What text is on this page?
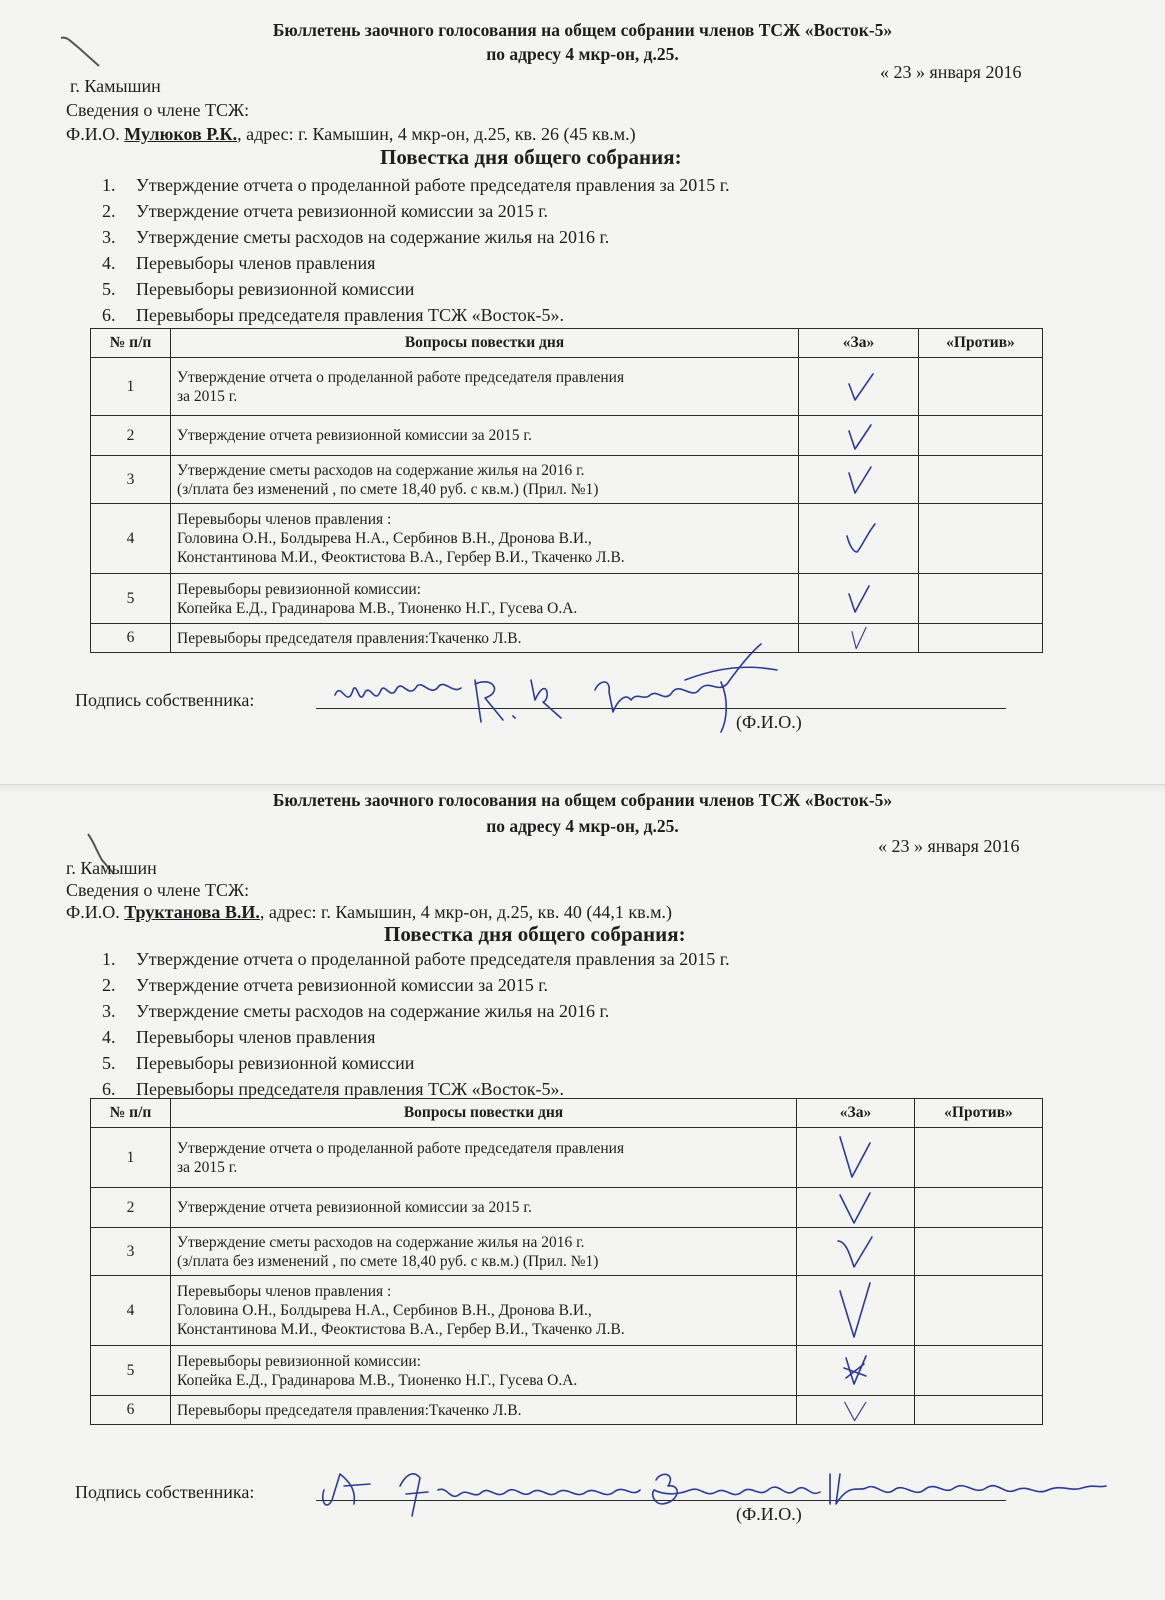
Бюллетень заочного голосования на общем собрании членов ТСЖ «Восток-5»
по адресу 4 мкр-он, д.25.
г. Камышин
« 23 » января 2016
Сведения о члене ТСЖ:
Ф.И.О. Мулюков Р.К., адрес: г. Камышин, 4 мкр-он, д.25, кв. 26 (45 кв.м.)
Повестка дня общего собрания:
1. Утверждение отчета о проделанной работе председателя правления за 2015 г.
2. Утверждение отчета ревизионной комиссии за 2015 г.
3. Утверждение сметы расходов на содержание жилья на 2016 г.
4. Перевыборы членов правления
5. Перевыборы ревизионной комиссии
6. Перевыборы председателя правления ТСЖ «Восток-5».
№ п/п	Вопросы повестки дня	«За»	«Против»
1	Утверждение отчета о проделанной работе председателя правления
за 2015 г.	

2	Утверждение отчета ревизионной комиссии за 2015 г.	

3	Утверждение сметы расходов на содержание жилья на 2016 г.
(з/плата без изменений , по смете 18,40 руб. с кв.м.) (Прил. №1)	

4	Перевыборы членов правления :
Головина О.Н., Болдырева Н.А., Сербинов В.Н., Дронова В.И.,
Константинова М.И., Феоктистова В.А., Гербер В.И., Ткаченко Л.В.	

5	Перевыборы ревизионной комиссии:
Копейка Е.Д., Градинарова М.В., Тионенко Н.Г., Гусева О.А.	

6	Перевыборы председателя правления:Ткаченко Л.В.	

Подпись собственника:
(Ф.И.О.)
Бюллетень заочного голосования на общем собрании членов ТСЖ «Восток-5»
по адресу 4 мкр-он, д.25.
г. Камышин
« 23 » января 2016
Сведения о члене ТСЖ:
Ф.И.О. Труктанова В.И., адрес: г. Камышин, 4 мкр-он, д.25, кв. 40 (44,1 кв.м.)
Повестка дня общего собрания:
1. Утверждение отчета о проделанной работе председателя правления за 2015 г.
2. Утверждение отчета ревизионной комиссии за 2015 г.
3. Утверждение сметы расходов на содержание жилья на 2016 г.
4. Перевыборы членов правления
5. Перевыборы ревизионной комиссии
6. Перевыборы председателя правления ТСЖ «Восток-5».
№ п/п	Вопросы повестки дня	«За»	«Против»
1	Утверждение отчета о проделанной работе председателя правления
за 2015 г.	

2	Утверждение отчета ревизионной комиссии за 2015 г.	

3	Утверждение сметы расходов на содержание жилья на 2016 г.
(з/плата без изменений , по смете 18,40 руб. с кв.м.) (Прил. №1)	

4	Перевыборы членов правления :
Головина О.Н., Болдырева Н.А., Сербинов В.Н., Дронова В.И.,
Константинова М.И., Феоктистова В.А., Гербер В.И., Ткаченко Л.В.	

5	Перевыборы ревизионной комиссии:
Копейка Е.Д., Градинарова М.В., Тионенко Н.Г., Гусева О.А.	

6	Перевыборы председателя правления:Ткаченко Л.В.	

Подпись собственника:
(Ф.И.О.)
